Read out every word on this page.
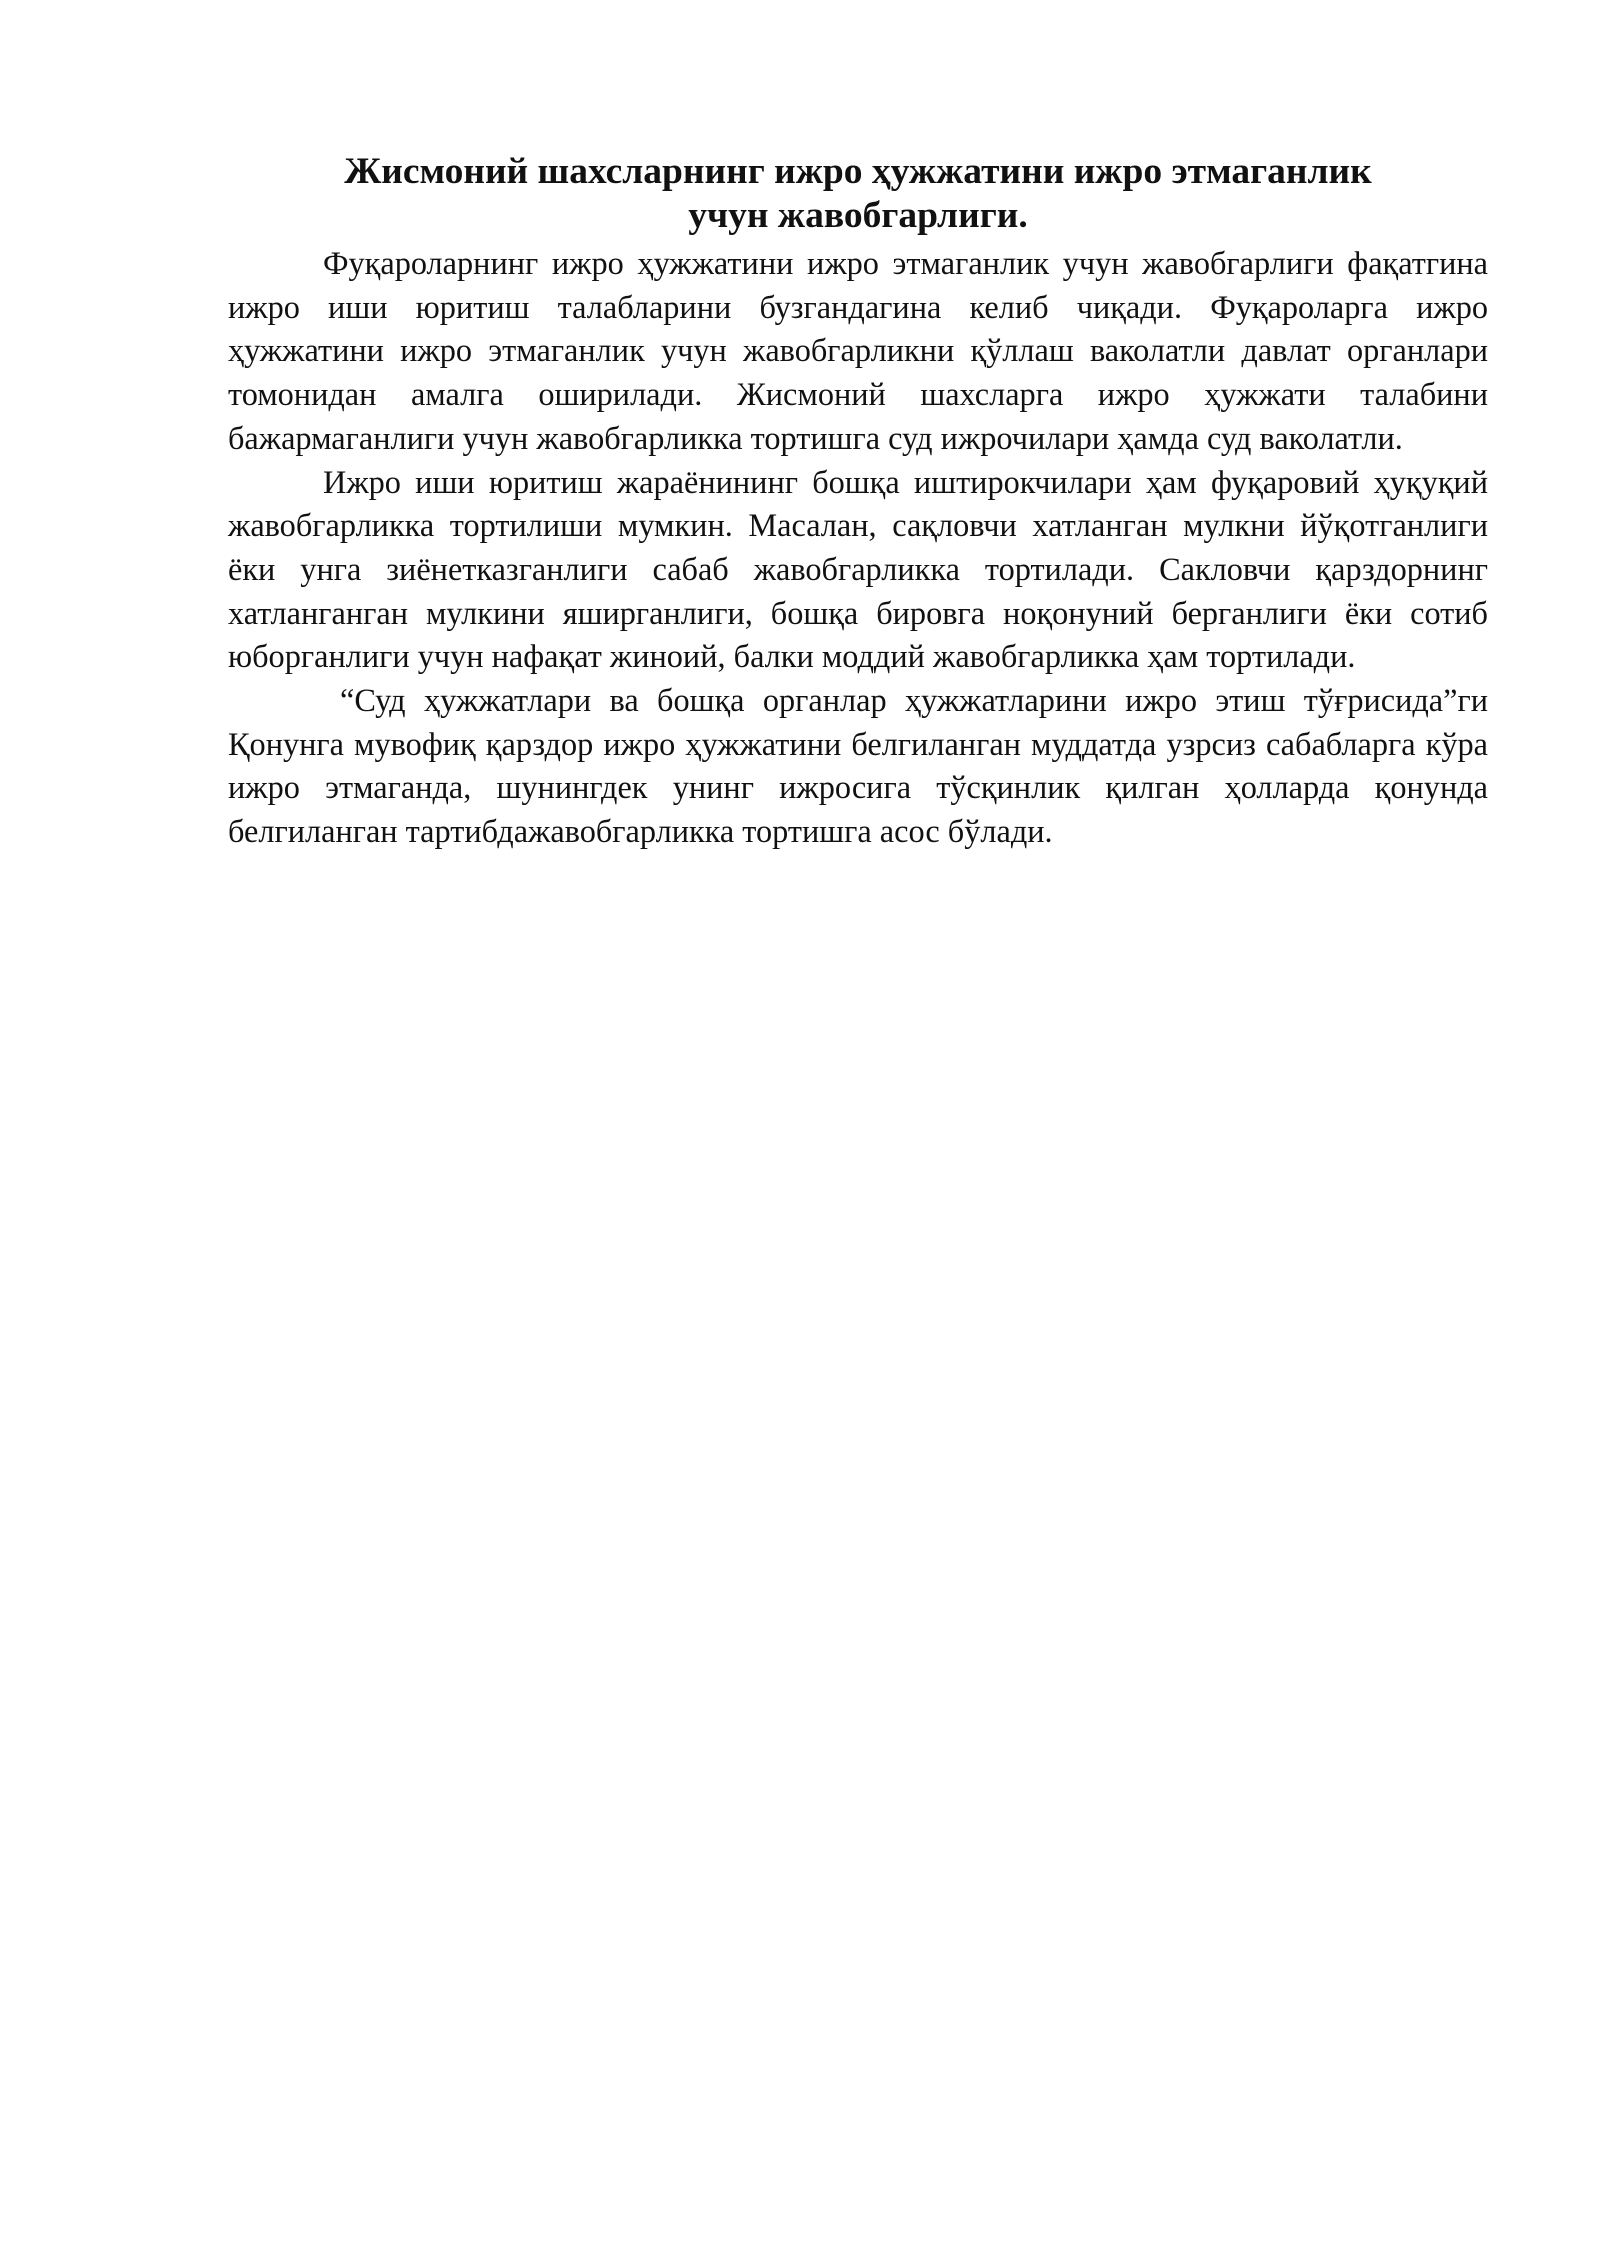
Жисмоний шахсларнинг ижро ҳужжатини ижро этмаганлик
учун жавобгарлиги.

Фуқароларнинг ижро ҳужжатини ижро этмаганлик учун жавобгарлиги фақатгина ижро иши юритиш талабларини бузгандагина келиб чиқади. Фуқароларга ижро ҳужжатини ижро этмаганлик учун жавобгарликни қўллаш ваколатли давлат органлари томонидан амалга оширилади. Жисмоний шахсларга ижро ҳужжати талабини бажармаганлиги учун жавобгарликка тортишга суд ижрочилари ҳамда суд ваколатли.

Ижро иши юритиш жараёнининг бошқа иштирокчилари ҳам фуқаровий ҳуқуқий жавобгарликка тортилиши мумкин. Масалан, сақловчи хатланган мулкни йўқотганлиги ёки унга зиёнетказганлиги сабаб жавобгарликка тортилади. Сакловчи қарздорнинг хатланганган мулкини яширганлиги, бошқа бировга ноқонуний берганлиги ёки сотиб юборганлиги учун нафақат жиноий, балки моддий жавобгарликка ҳам тортилади.

“Суд ҳужжатлари ва бошқа органлар ҳужжатларини ижро этиш тўғрисида”ги Қонунга мувофиқ қарздор ижро ҳужжатини белгиланган муддатда узрсиз сабабларга кўра ижро этмаганда, шунингдек унинг ижросига тўсқинлик қилган ҳолларда қонунда белгиланган тартибдажавобгарликка тортишга асос бўлади.
